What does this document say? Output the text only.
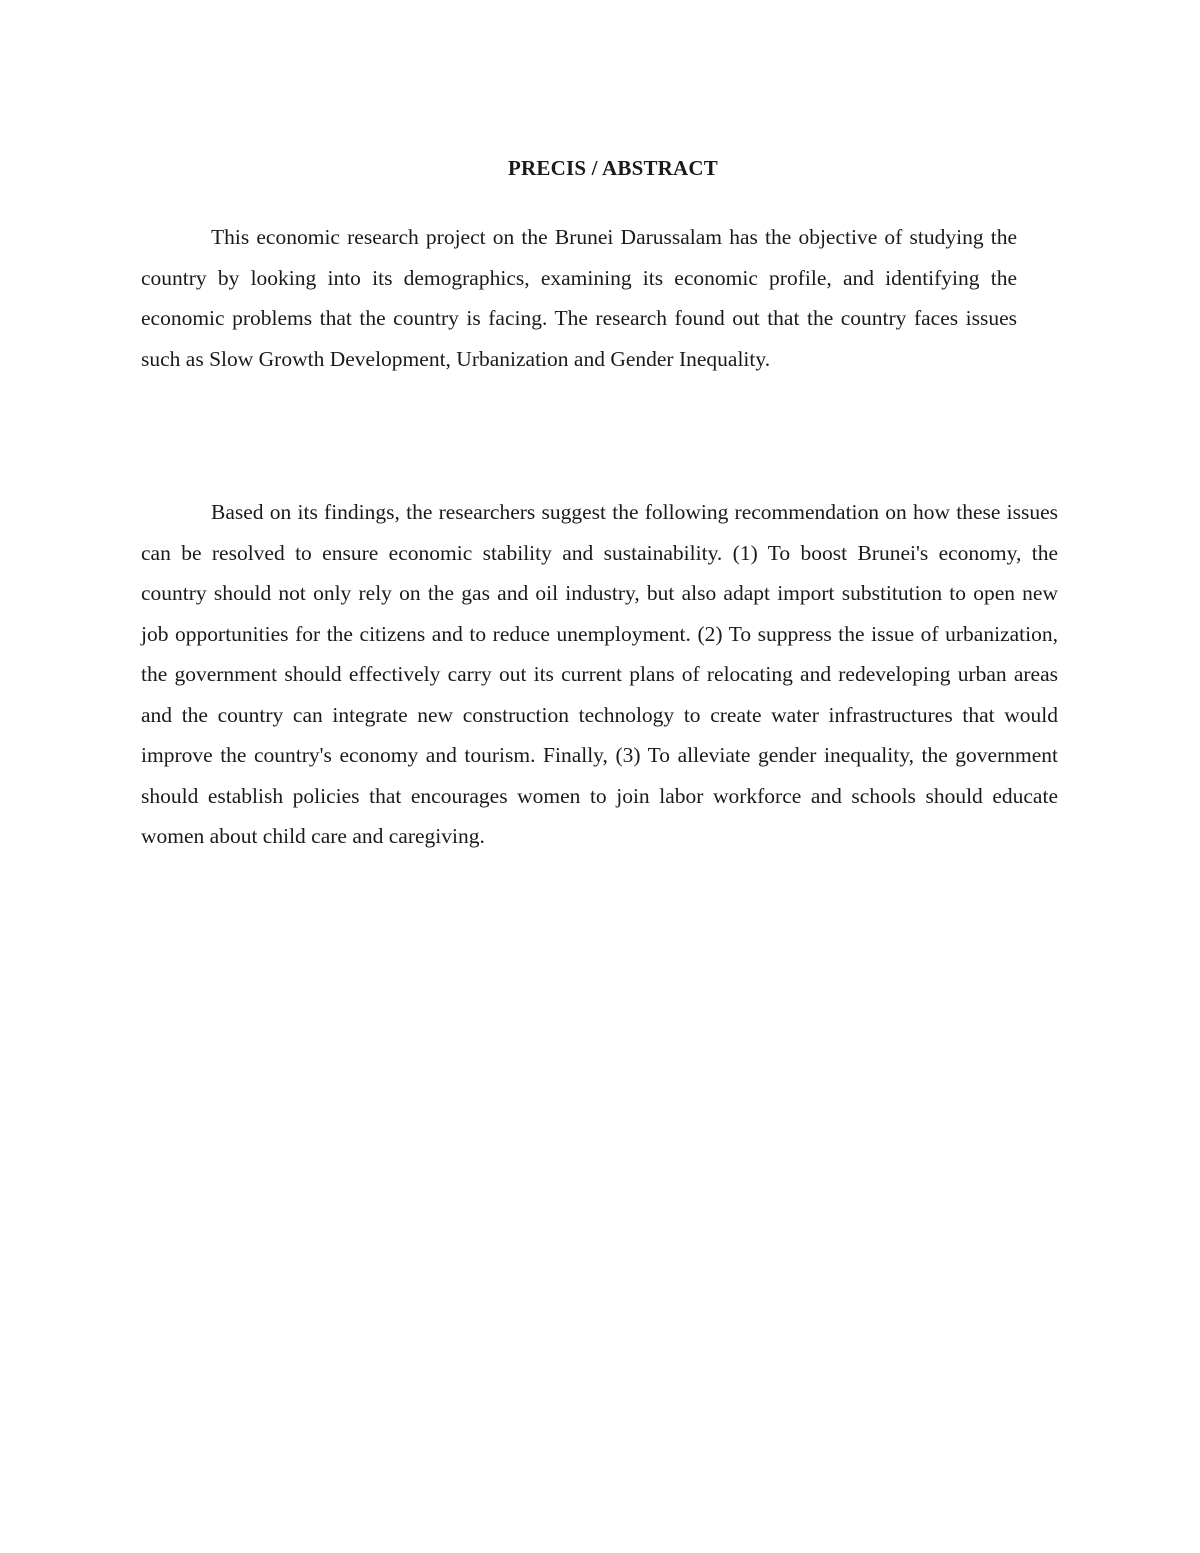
PRECIS / ABSTRACT

This economic research project on the Brunei Darussalam has the objective of studying the country by looking into its demographics, examining its economic profile, and identifying the economic problems that the country is facing. The research found out that the country faces issues such as Slow Growth Development, Urbanization and Gender Inequality.

Based on its findings, the researchers suggest the following recommendation on how these issues can be resolved to ensure economic stability and sustainability. (1) To boost Brunei's economy, the country should not only rely on the gas and oil industry, but also adapt import substitution to open new job opportunities for the citizens and to reduce unemployment. (2) To suppress the issue of urbanization, the government should effectively carry out its current plans of relocating and redeveloping urban areas and the country can integrate new construction technology to create water infrastructures that would improve the country's economy and tourism. Finally, (3) To alleviate gender inequality, the government should establish policies that encourages women to join labor workforce and schools should educate women about child care and caregiving.
